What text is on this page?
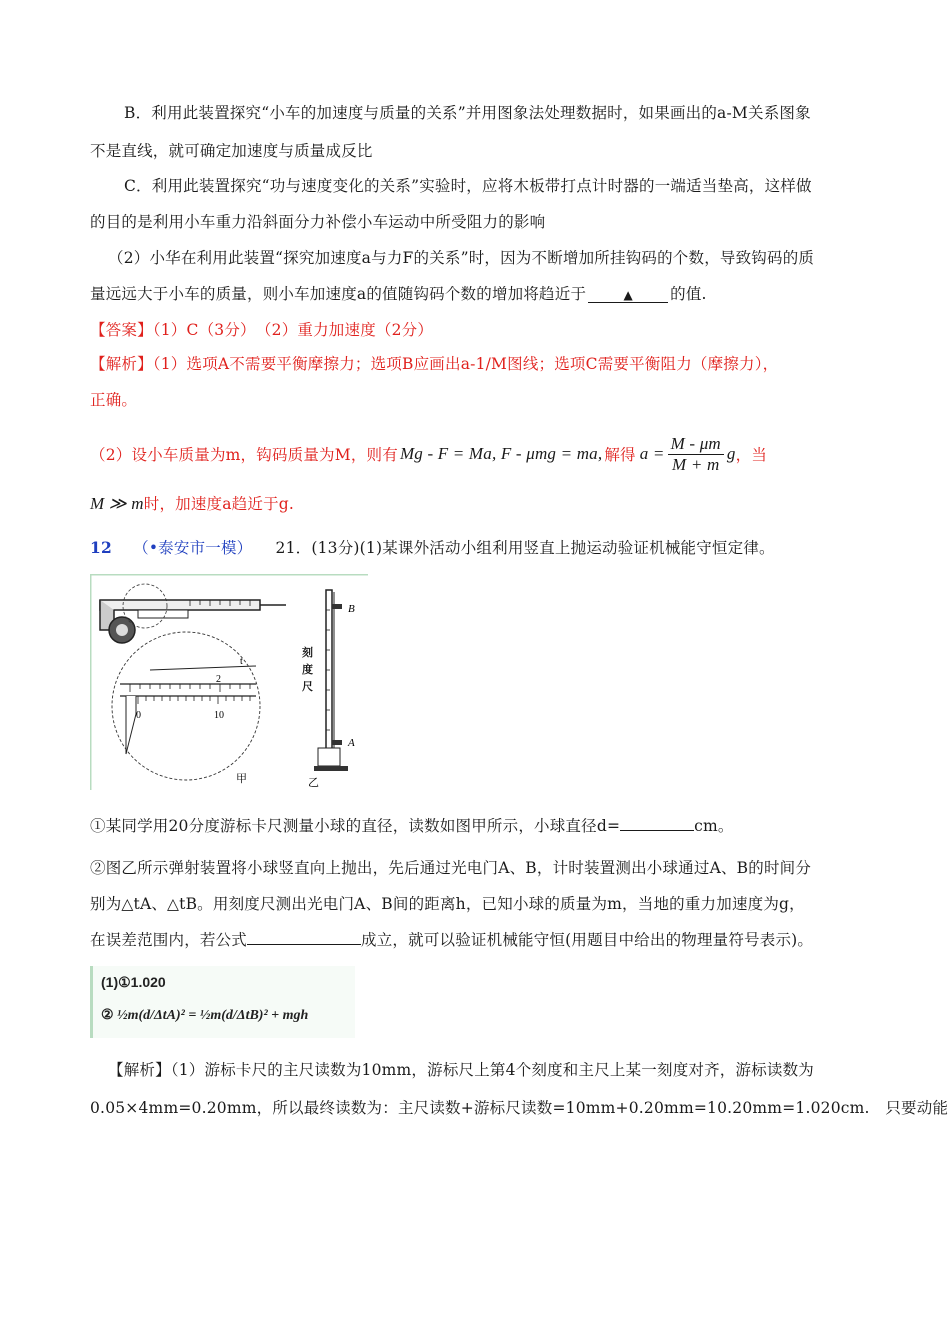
B．利用此装置探究“小车的加速度与质量的关系”并用图象法处理数据时，如果画出的a-M关系图象
不是直线，就可确定加速度与质量成反比
C．利用此装置探究“功与速度变化的关系”实验时，应将木板带打点计时器的一端适当垫高，这样做
的目的是利用小车重力沿斜面分力补偿小车运动中所受阻力的影响
（2）小华在利用此装置“探究加速度a与力F的关系”时，因为不断增加所挂钩码的个数，导致钩码的质
量远远大于小车的质量，则小车加速度a的值随钩码个数的增加将趋近于	▲ 的值.
【答案】（1）C（3分）　（2）重力加速度（2分）
【解析】（1）选项A不需要平衡摩擦力；选项B应画出a-1/M图线；选项C需要平衡阻力（摩擦力），
正确。
（2）设小车质量为m，钩码质量为M，则有 Mg - F = Ma, F - μmg = ma, 解得 $a = \frac{M - \mu m}{M + m}$ g ，当
M ≫ m时，加速度a趋近于g.
12 （•泰安市一模） 21．(13分)(1)某课外活动小组利用竖直上抛运动验证机械能守恒定律。
t
2
0	10
甲
B
A
乙
刻度尺
①某同学用20分度游标卡尺测量小球的直径，读数如图甲所示，小球直径d=	cm。
②图乙所示弹射装置将小球竖直向上抛出，先后通过光电门A、B，计时装置测出小球通过A、B的时间分
别为△tA、△tB。用刻度尺测出光电门A、B间的距离h，已知小球的质量为m，当地的重力加速度为g，
在误差范围内，若公式	成立，就可以验证机械能守恒(用题目中给出的物理量符号表示)。
(1)①1.020
② ½m(d/ΔtA)² = ½m(d/ΔtB)² + mgh
【解析】（1）游标卡尺的主尺读数为10mm，游标尺上第4个刻度和主尺上某一刻度对齐，游标读数为
0.05×4mm=0.20mm，所以最终读数为：主尺读数+游标尺读数=10mm+0.20mm=10.20mm=1.020cm.　只要动能
